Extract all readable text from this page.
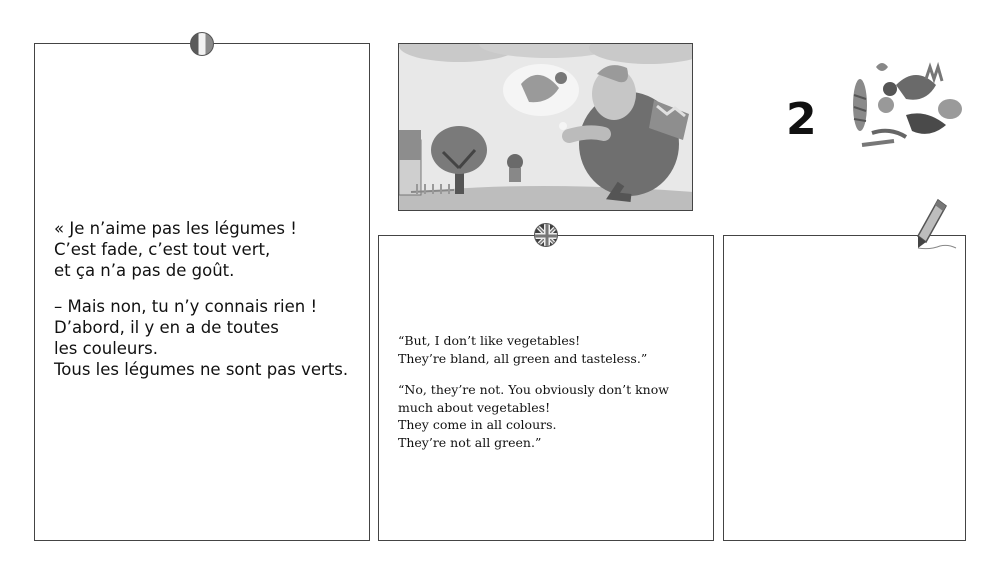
« Je n’aime pas les légumes !

C’est fade, c’est tout vert,

et ça n’a pas de goût.

– Mais non, tu n’y connais rien !

D’abord, il y en a de toutes

les couleurs.

Tous les légumes ne sont pas verts.

2

“But, I don’t like vegetables!

They’re bland, all green and tasteless.”

“No, they’re not. You obviously don’t know

much about vegetables!

They come in all colours.

They’re not all green.”
